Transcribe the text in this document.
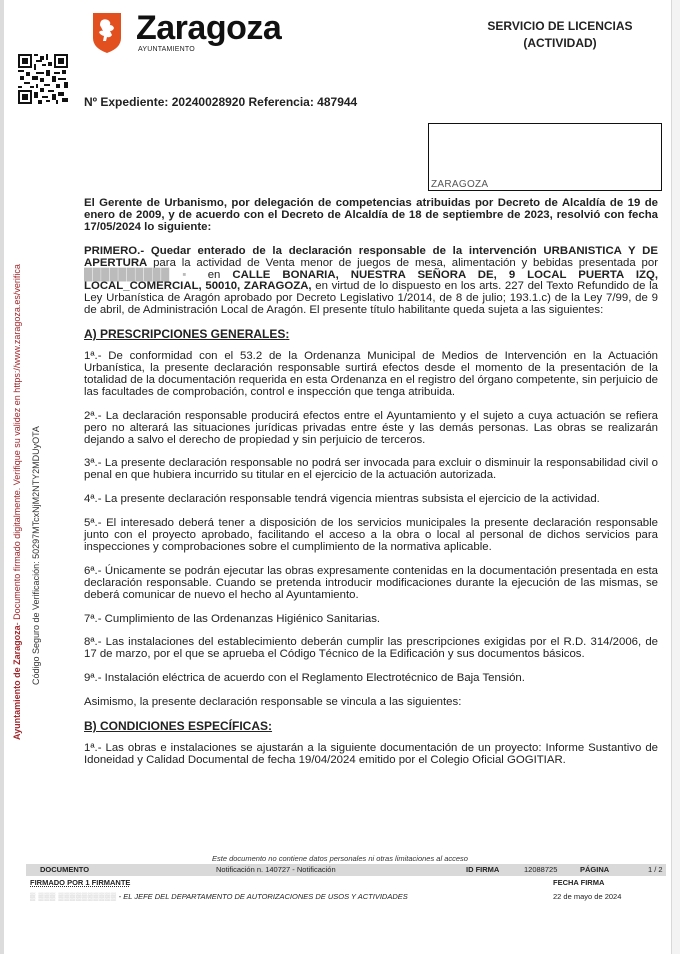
Zaragoza
AYUNTAMIENTO
SERVICIO DE LICENCIAS
(ACTIVIDAD)
Nº Expediente: 20240028920 Referencia: 487944
ZARAGOZA
Ayuntamiento de Zaragoza- Documento firmado digitalmente. Verifique su validez en https://www.zaragoza.es/verifica Código Seguro de Verificación: 50297MTcxNjM2NTY2MDUyOTA

El Gerente de Urbanismo, por delegación de competencias atribuidas por Decreto de Alcaldía de 19 de enero de 2009, y de acuerdo con el Decreto de Alcaldía de 18 de septiembre de 2023, resolvió con fecha 17/05/2024 lo siguiente:

PRIMERO.- Quedar enterado de la declaración responsable de la intervención URBANISTICA Y DE APERTURA para la actividad de Venta menor de juegos de mesa, alimentación y bebidas presentada por ██████████ ▪ en CALLE BONARIA, NUESTRA SEÑORA DE, 9 LOCAL PUERTA IZQ, LOCAL_COMERCIAL, 50010, ZARAGOZA, en virtud de lo dispuesto en los arts. 227 del Texto Refundido de la Ley Urbanística de Aragón aprobado por Decreto Legislativo 1/2014, de 8 de julio; 193.1.c) de la Ley 7/99, de 9 de abril, de Administración Local de Aragón. El presente título habilitante queda sujeta a las siguientes:

A) PRESCRIPCIONES GENERALES:

1ª.- De conformidad con el 53.2 de la Ordenanza Municipal de Medios de Intervención en la Actuación Urbanística, la presente declaración responsable surtirá efectos desde el momento de la presentación de la totalidad de la documentación requerida en esta Ordenanza en el registro del órgano competente, sin perjuicio de las facultades de comprobación, control e inspección que tenga atribuida.

2ª.- La declaración responsable producirá efectos entre el Ayuntamiento y el sujeto a cuya actuación se refiera pero no alterará las situaciones jurídicas privadas entre éste y las demás personas. Las obras se realizarán dejando a salvo el derecho de propiedad y sin perjuicio de terceros.

3ª.- La presente declaración responsable no podrá ser invocada para excluir o disminuir la responsabilidad civil o penal en que hubiera incurrido su titular en el ejercicio de la actuación autorizada.

4ª.- La presente declaración responsable tendrá vigencia mientras subsista el ejercicio de la actividad.

5ª.- El interesado deberá tener a disposición de los servicios municipales la presente declaración responsable junto con el proyecto aprobado, facilitando el acceso a la obra o local al personal de dichos servicios para inspecciones y comprobaciones sobre el cumplimiento de la normativa aplicable.

6ª.- Únicamente se podrán ejecutar las obras expresamente contenidas en la documentación presentada en esta declaración responsable. Cuando se pretenda introducir modificaciones durante la ejecución de las mismas, se deberá comunicar de nuevo el hecho al Ayuntamiento.

7ª.- Cumplimiento de las Ordenanzas Higiénico Sanitarias.

8ª.- Las instalaciones del establecimiento deberán cumplir las prescripciones exigidas por el R.D. 314/2006, de 17 de marzo, por el que se aprueba el Código Técnico de la Edificación y sus documentos básicos.

9ª.- Instalación eléctrica de acuerdo con el Reglamento Electrotécnico de Baja Tensión.

Asimismo, la presente declaración responsable se vincula a las siguientes:

B) CONDICIONES ESPECÍFICAS:

1ª.- Las obras e instalaciones se ajustarán a la siguiente documentación de un proyecto: Informe Sustantivo de Idoneidad y Calidad Documental de fecha 19/04/2024 emitido por el Colegio Oficial GOGITIAR.

Este documento no contiene datos personales ni otras limitaciones al acceso
DOCUMENTO	Notificación n. 140727 - Notificación	ID FIRMA	12088725	PÁGINA	1 / 2
FIRMADO POR 1 FIRMANTE	FECHA FIRMA
▒ ▒▒▒ ▒▒▒▒▒▒▒▒▒▒ - EL JEFE DEL DEPARTAMENTO DE AUTORIZACIONES DE USOS Y ACTIVIDADES	22 de mayo de 2024
